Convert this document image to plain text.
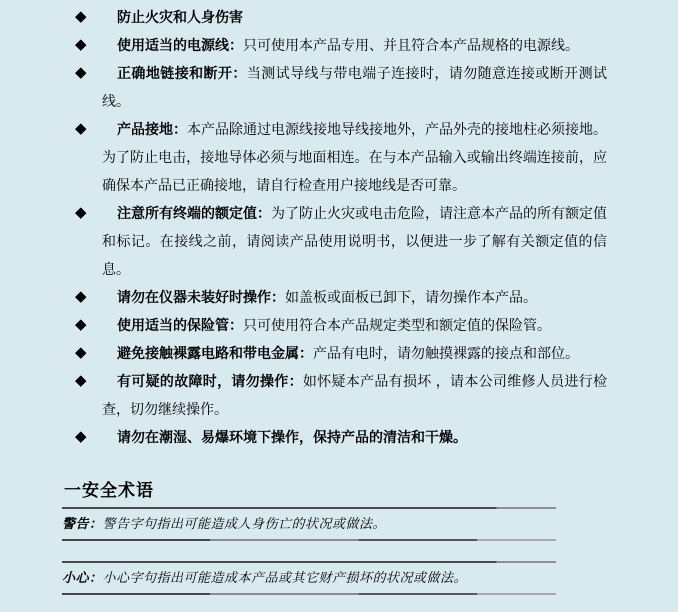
◆ 防止火灾和人身伤害
◆ 使用适当的电源线：只可使用本产品专用、并且符合本产品规格的电源线。
◆ 正确地链接和断开：当测试导线与带电端子连接时，请勿随意连接或断开测试线。
◆ 产品接地：本产品除通过电源线接地导线接地外，产品外壳的接地柱必须接地。为了防止电击，接地导体必须与地面相连。在与本产品输入或输出终端连接前，应确保本产品已正确接地，请自行检查用户接地线是否可靠。
◆ 注意所有终端的额定值：为了防止火灾或电击危险，请注意本产品的所有额定值和标记。在接线之前，请阅读产品使用说明书，以便进一步了解有关额定值的信息。
◆ 请勿在仪器未装好时操作：如盖板或面板已卸下，请勿操作本产品。
◆ 使用适当的保险管：只可使用符合本产品规定类型和额定值的保险管。
◆ 避免接触裸露电路和带电金属：产品有电时，请勿触摸裸露的接点和部位。
◆ 有可疑的故障时，请勿操作：如怀疑本产品有损坏 ，请本公司维修人员进行检查，切勿继续操作。
◆ 请勿在潮湿、易爆环境下操作，保持产品的清洁和干燥。
一安全术语

警告：警告字句指出可能造成人身伤亡的状况或做法。

小心：小心字句指出可能造成本产品或其它财产损坏的状况或做法。
